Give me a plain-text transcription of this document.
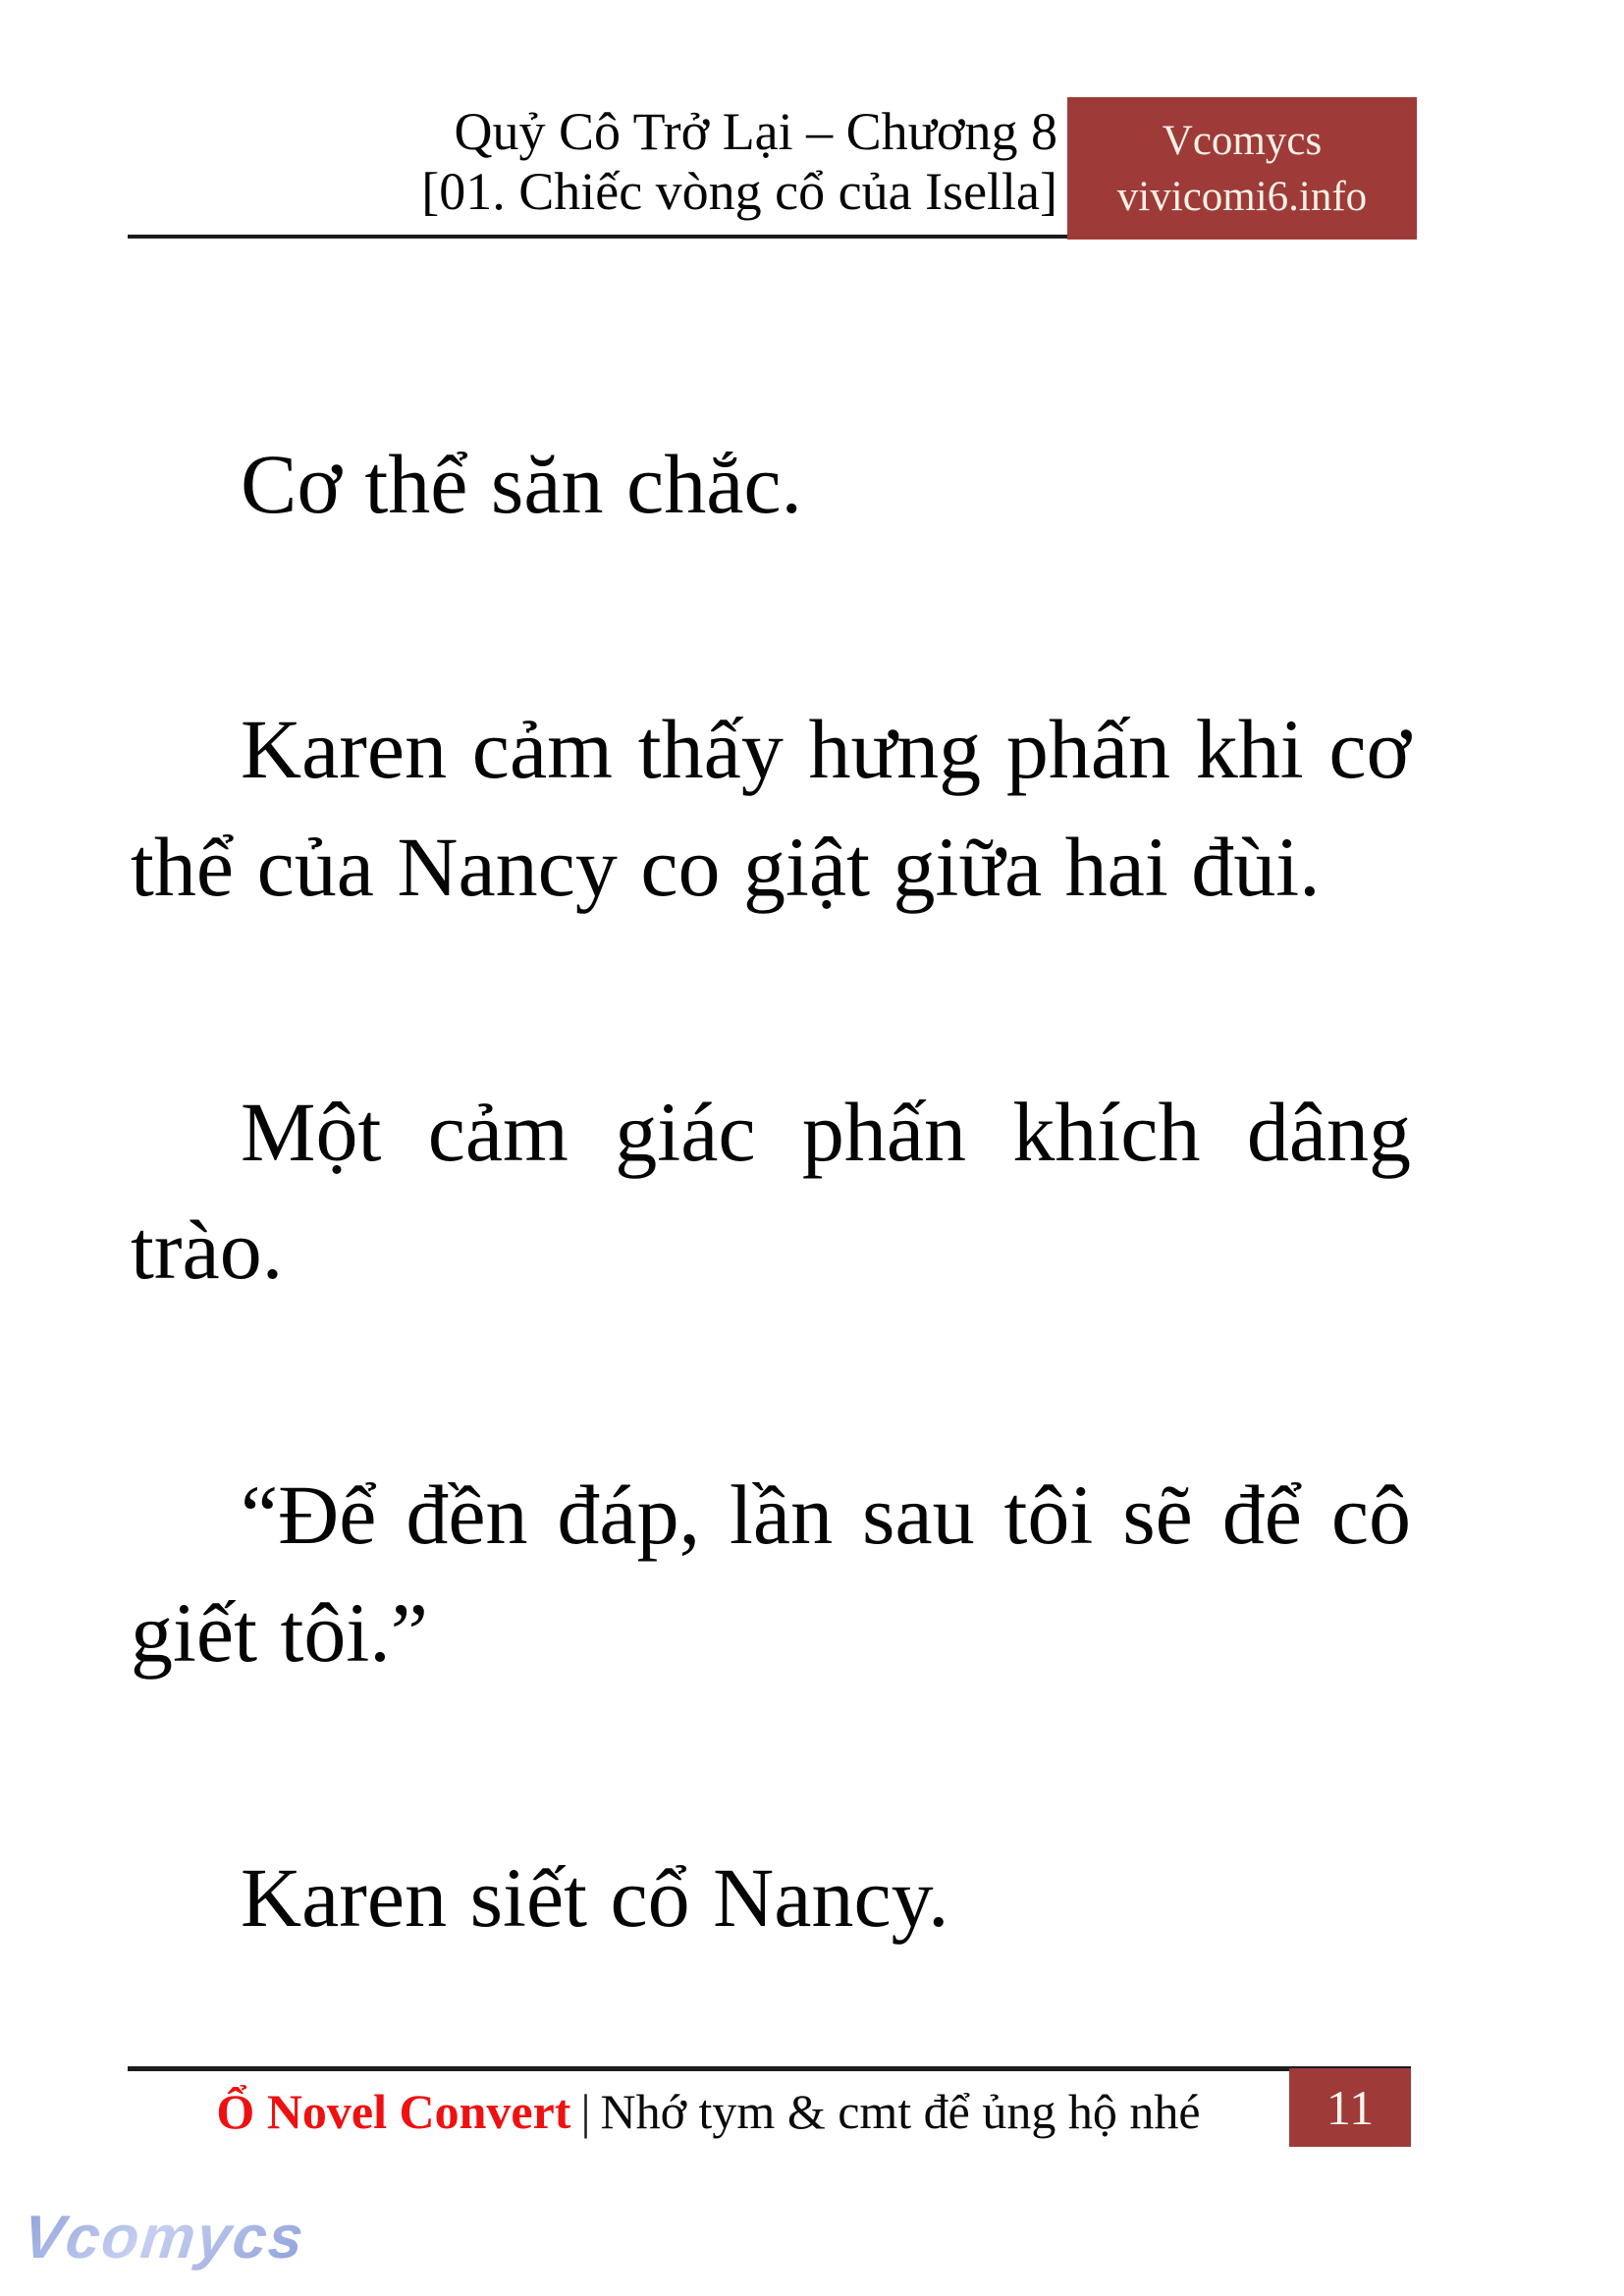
Quỷ Cô Trở Lại – Chương 8
[01. Chiếc vòng cổ của Isella]
Vcomycs
vivicomi6.info

Cơ thể săn chắc.

Karen cảm thấy hưng phấn khi cơ thể của Nancy co giật giữa hai đùi.

Một cảm giác phấn khích dâng trào.

“Để đền đáp, lần sau tôi sẽ để cô giết tôi.”

Karen siết cổ Nancy.

Ổ Novel Convert | Nhớ tym & cmt để ủng hộ nhé	11
Vcomycs
